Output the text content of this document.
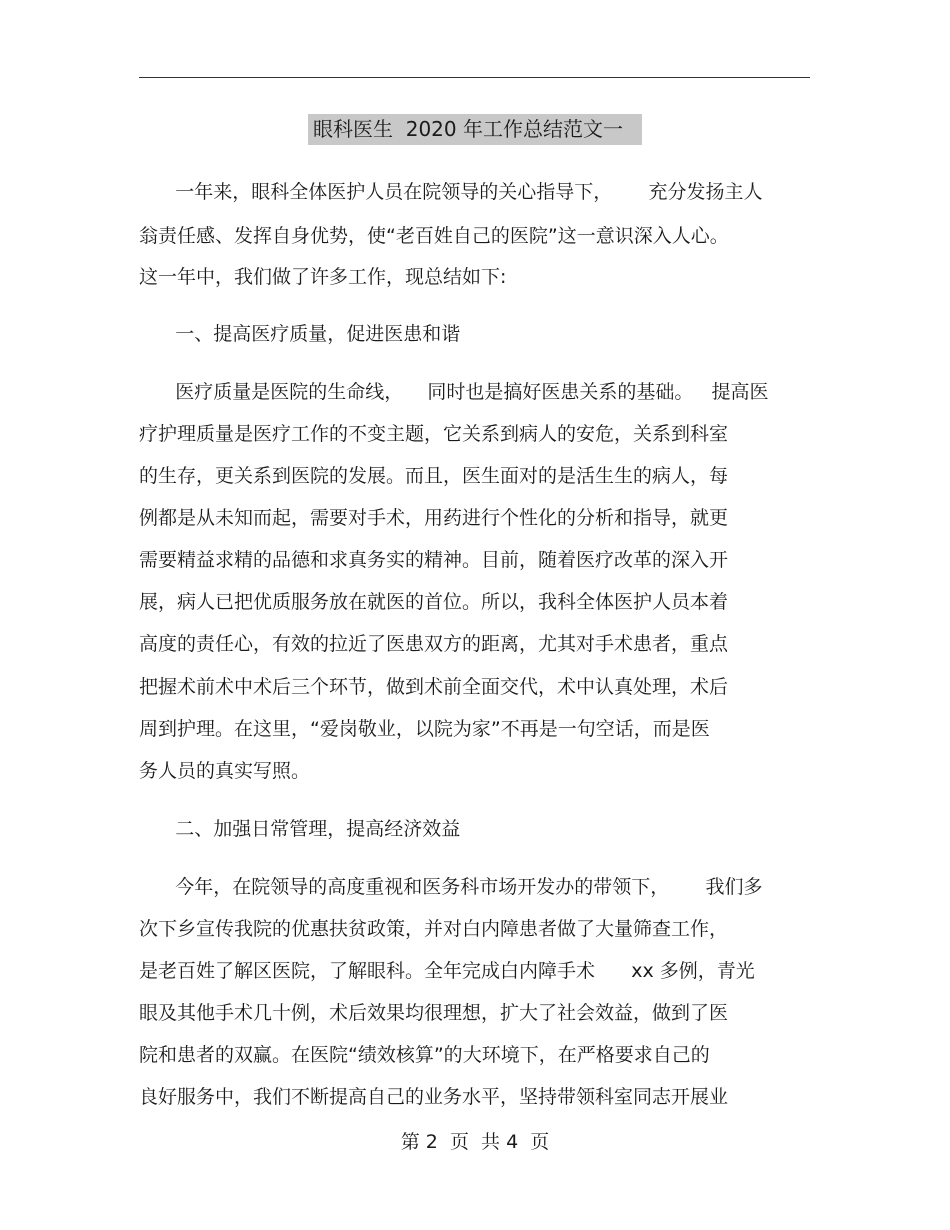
眼科医生  2020 年工作总结范文一

一年来，眼科全体医护人员在院领导的关心指导下，      充分发扬主人

翁责任感、发挥自身优势，使“老百姓自己的医院”这一意识深入人心。

这一年中，我们做了许多工作，现总结如下:

一、提高医疗质量，促进医患和谐

医疗质量是医院的生命线，    同时也是搞好医患关系的基础。   提高医

疗护理质量是医疗工作的不变主题，它关系到病人的安危，关系到科室

的生存，更关系到医院的发展。而且，医生面对的是活生生的病人，每

例都是从未知而起，需要对手术，用药进行个性化的分析和指导，就更

需要精益求精的品德和求真务实的精神。目前，随着医疗改革的深入开

展，病人已把优质服务放在就医的首位。所以，我科全体医护人员本着

高度的责任心，有效的拉近了医患双方的距离，尤其对手术患者，重点

把握术前术中术后三个环节，做到术前全面交代，术中认真处理，术后

周到护理。在这里，“爱岗敬业，以院为家”不再是一句空话，而是医

务人员的真实写照。

二、加强日常管理，提高经济效益

今年，在院领导的高度重视和医务科市场开发办的带领下，      我们多

次下乡宣传我院的优惠扶贫政策，并对白内障患者做了大量筛查工作，

是老百姓了解区医院，了解眼科。全年完成白内障手术      xx 多例，青光

眼及其他手术几十例，术后效果均很理想，扩大了社会效益，做到了医

院和患者的双赢。在医院“绩效核算”的大环境下，在严格要求自己的

良好服务中，我们不断提高自己的业务水平，坚持带领科室同志开展业

第 2  页  共 4  页
